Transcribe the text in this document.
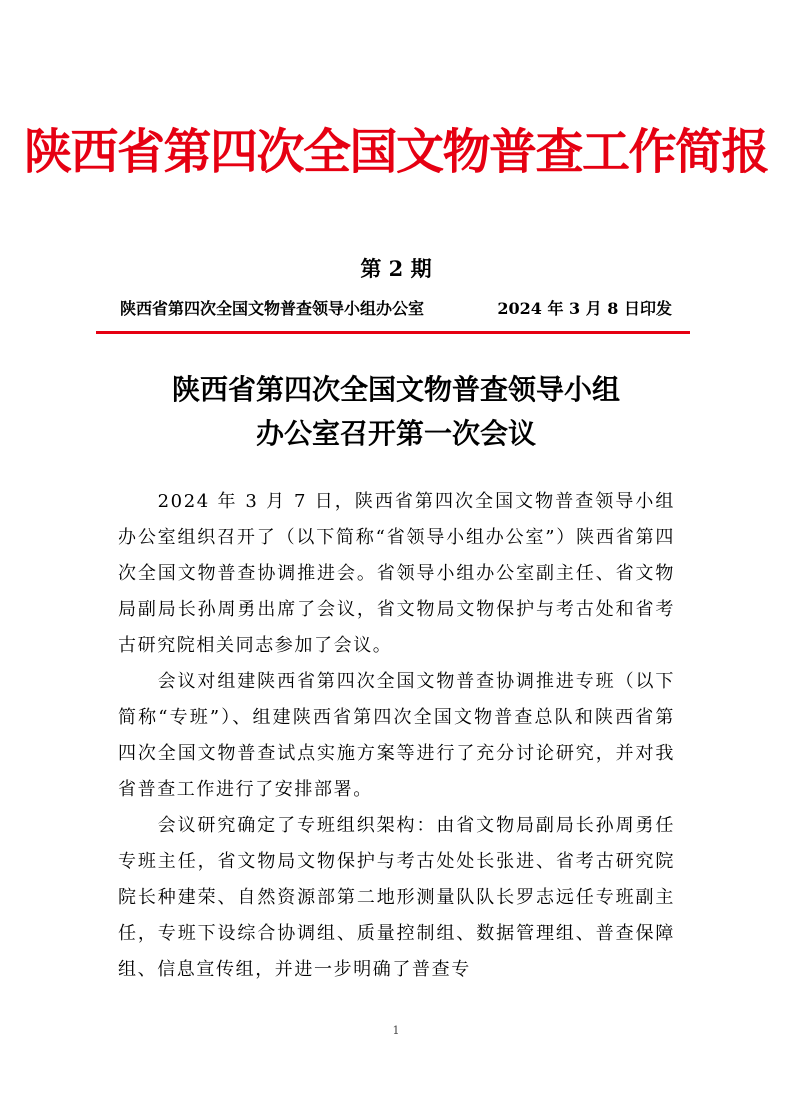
陕西省第四次全国文物普查工作简报
第 2 期
陕西省第四次全国文物普查领导小组办公室	2024 年 3 月 8 日印发
陕西省第四次全国文物普查领导小组
办公室召开第一次会议

2024 年 3 月 7 日，陕西省第四次全国文物普查领导小组办公室组织召开了（以下简称“省领导小组办公室”）陕西省第四次全国文物普查协调推进会。省领导小组办公室副主任、省文物局副局长孙周勇出席了会议，省文物局文物保护与考古处和省考古研究院相关同志参加了会议。

会议对组建陕西省第四次全国文物普查协调推进专班（以下简称“专班”）、组建陕西省第四次全国文物普查总队和陕西省第四次全国文物普查试点实施方案等进行了充分讨论研究，并对我省普查工作进行了安排部署。

会议研究确定了专班组织架构：由省文物局副局长孙周勇任专班主任，省文物局文物保护与考古处处长张进、省考古研究院院长种建荣、自然资源部第二地形测量队队长罗志远任专班副主任，专班下设综合协调组、质量控制组、数据管理组、普查保障组、信息宣传组，并进一步明确了普查专

1
